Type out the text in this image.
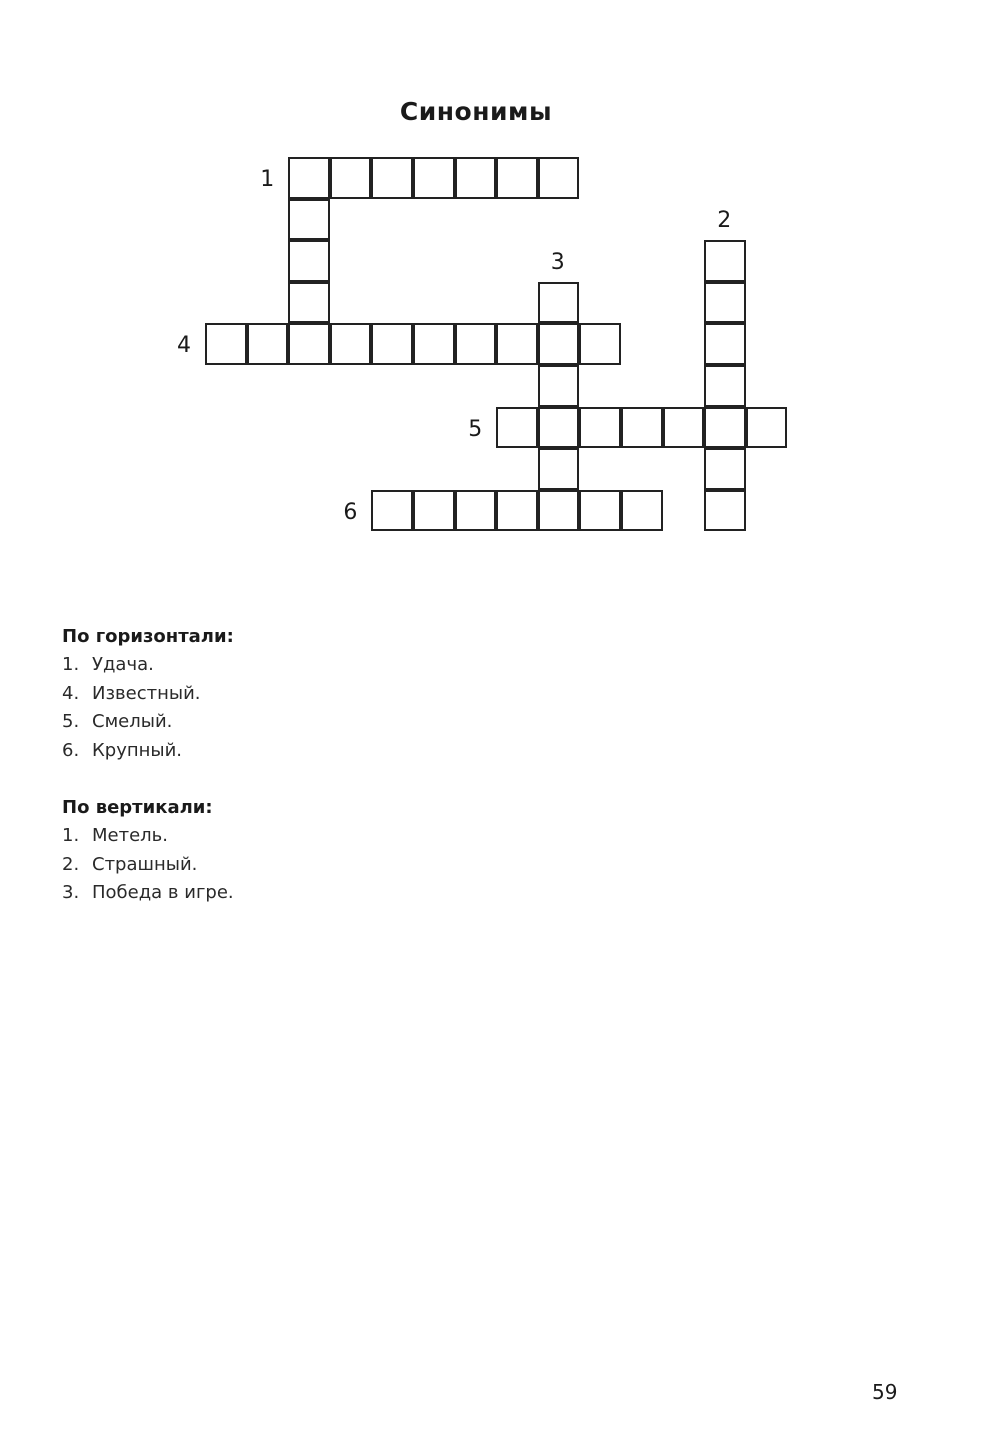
Синонимы
1
2
3
4
5
6
По горизонтали:
1. Удача.
4. Известный.
5. Смелый.
6. Крупный.
По вертикали:
1. Метель.
2. Страшный.
3. Победа в игре.
59
